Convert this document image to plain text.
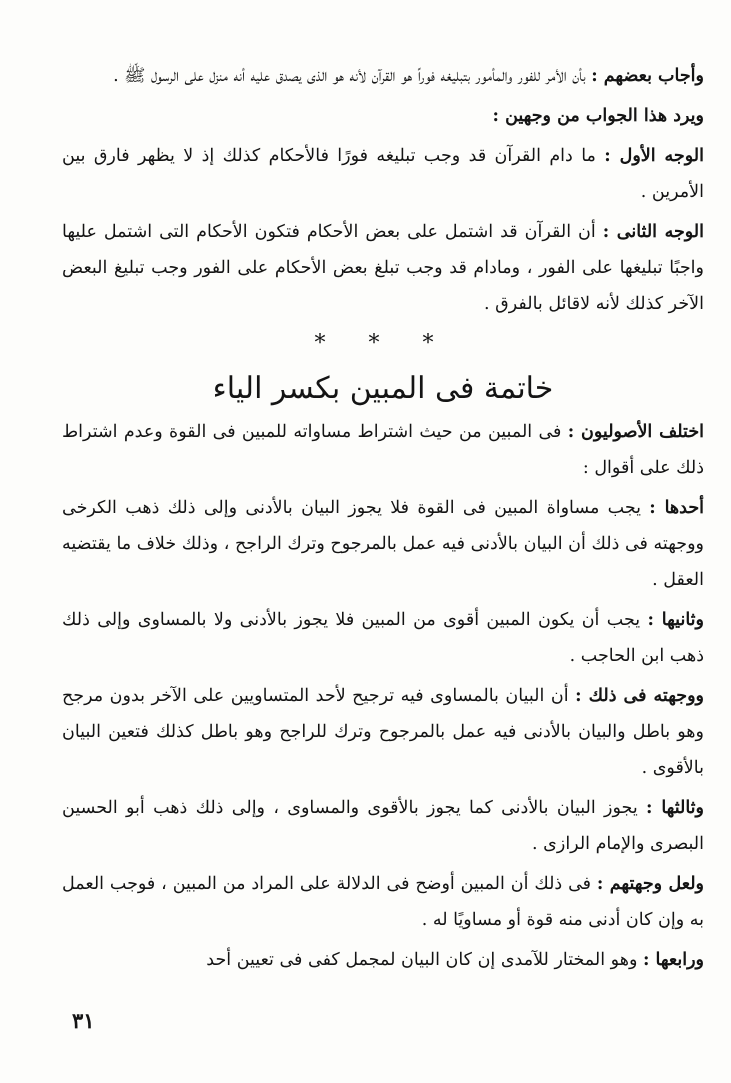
وأجاب بعضهم : بأن الأمر للفور والمأمور بتبليغه فوراً هو القرآن لأنه هو الذى يصدق عليه أنه منزل على الرسول ﷺ .

ويرد هذا الجواب من وجهين :

الوجه الأول : ما دام القرآن قد وجب تبليغه فورًا فالأحكام كذلك إذ لا يظهر فارق بين الأمرين .

الوجه الثانى : أن القرآن قد اشتمل على بعض الأحكام فتكون الأحكام التى اشتمل عليها واجبًا تبليغها على الفور ، ومادام قد وجب تبلغ بعض الأحكام على الفور وجب تبليغ البعض الآخر كذلك لأنه لاقائل بالفرق .

* * *
خاتمة فى المبين بكسر الياء

اختلف الأصوليون : فى المبين من حيث اشتراط مساواته للمبين فى القوة وعدم اشتراط ذلك على أقوال :

أحدها : يجب مساواة المبين فى القوة فلا يجوز البيان بالأدنى وإلى ذلك ذهب الكرخى ووجهته فى ذلك أن البيان بالأدنى فيه عمل بالمرجوح وترك الراجح ، وذلك خلاف ما يقتضيه العقل .

وثانيها : يجب أن يكون المبين أقوى من المبين فلا يجوز بالأدنى ولا بالمساوى وإلى ذلك ذهب ابن الحاجب .

ووجهته فى ذلك : أن البيان بالمساوى فيه ترجيح لأحد المتساويين على الآخر بدون مرجح وهو باطل والبيان بالأدنى فيه عمل بالمرجوح وترك للراجح وهو باطل كذلك فتعين البيان بالأقوى .

وثالثها : يجوز البيان بالأدنى كما يجوز بالأقوى والمساوى ، وإلى ذلك ذهب أبو الحسين البصرى والإمام الرازى .

ولعل وجهتهم : فى ذلك أن المبين أوضح فى الدلالة على المراد من المبين ، فوجب العمل به وإن كان أدنى منه قوة أو مساويًا له .

ورابعها : وهو المختار للآمدى إن كان البيان لمجمل كفى فى تعيين أحد

٣١
